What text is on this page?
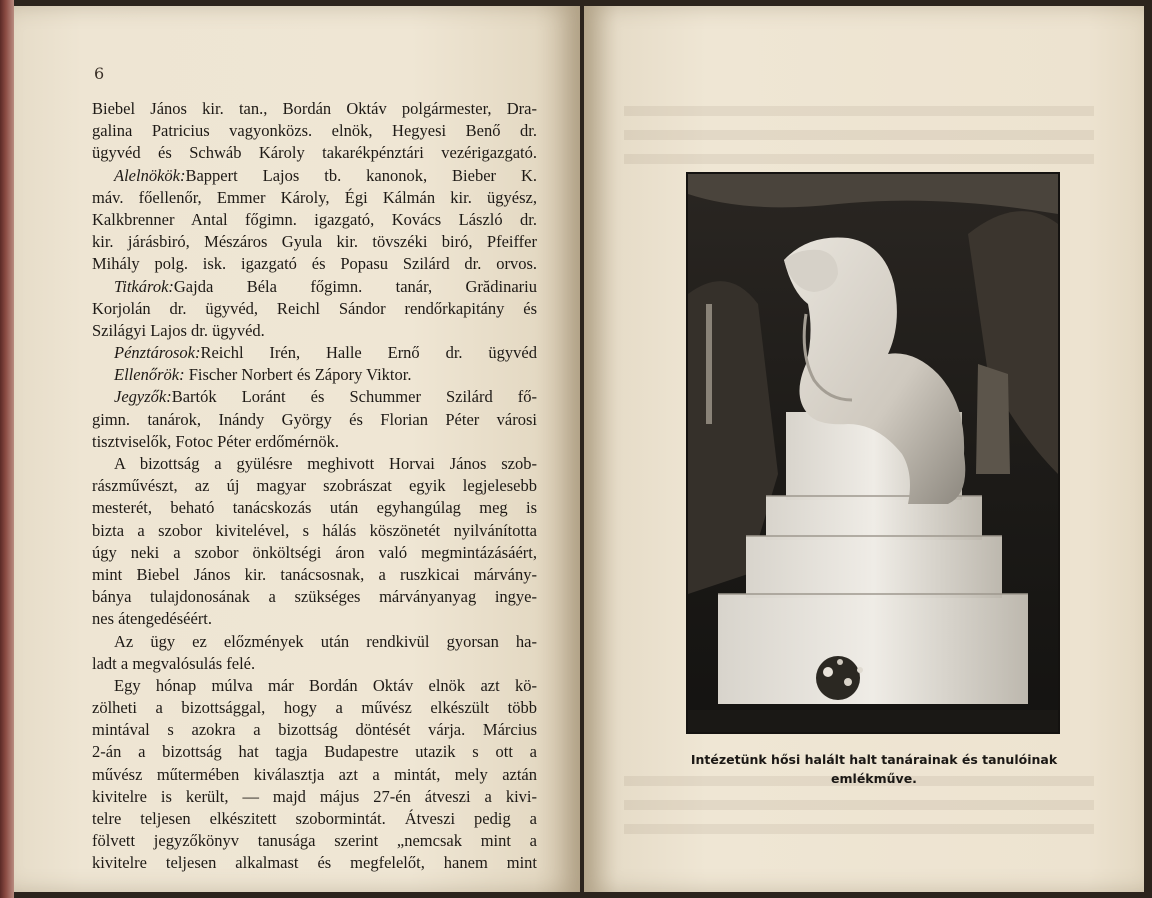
6
Biebel János kir. tan., Bordán Oktáv polgármester, Dra-
galina Patricius vagyonközs. elnök, Hegyesi Benő dr.
ügyvéd és Schwáb Károly takarékpénztári vezérigazgató.
Alelnökök: Bappert Lajos tb. kanonok, Bieber K.
máv. főellenőr, Emmer Károly, Égi Kálmán kir. ügyész,
Kalkbrenner Antal főgimn. igazgató, Kovács László dr.
kir. járásbiró, Mészáros Gyula kir. tövszéki biró, Pfeiffer
Mihály polg. isk. igazgató és Popasu Szilárd dr. orvos.
Titkárok: Gajda Béla főgimn. tanár, Grădinariu
Korjolán dr. ügyvéd, Reichl Sándor rendőrkapitány és
Szilágyi Lajos dr. ügyvéd.
Pénztárosok: Reichl Irén, Halle Ernő dr. ügyvéd
Ellenőrök: Fischer Norbert és Zápory Viktor.
Jegyzők: Bartók Loránt és Schummer Szilárd fő-
gimn. tanárok, Inándy György és Florian Péter városi
tisztviselők, Fotoc Péter erdőmérnök.
A bizottság a gyülésre meghivott Horvai János szob-
rászművészt, az új magyar szobrászat egyik legjelesebb
mesterét, beható tanácskozás után egyhangúlag meg is
bizta a szobor kivitelével, s hálás köszönetét nyilvánította
úgy neki a szobor önköltségi áron való megmintázásáért,
mint Biebel János kir. tanácsosnak, a ruszkicai márvány-
bánya tulajdonosának a szükséges márványanyag ingye-
nes átengedéséért.
Az ügy ez előzmények után rendkivül gyorsan ha-
ladt a megvalósulás felé.
Egy hónap múlva már Bordán Oktáv elnök azt kö-
zölheti a bizottsággal, hogy a művész elkészült több
mintával s azokra a bizottság döntését várja. Március
2-án a bizottság hat tagja Budapestre utazik s ott a
művész műtermében kiválasztja azt a mintát, mely aztán
kivitelre is került, — majd május 27-én átveszi a kivi-
telre teljesen elkészitett szobormintát. Átveszi pedig a
fölvett jegyzőkönyv tanusága szerint „nemcsak mint a
kivitelre teljesen alkalmast és megfelelőt, hanem mint
Intézetünk hősi halált halt tanárainak és tanulóinak
emlékműve.
